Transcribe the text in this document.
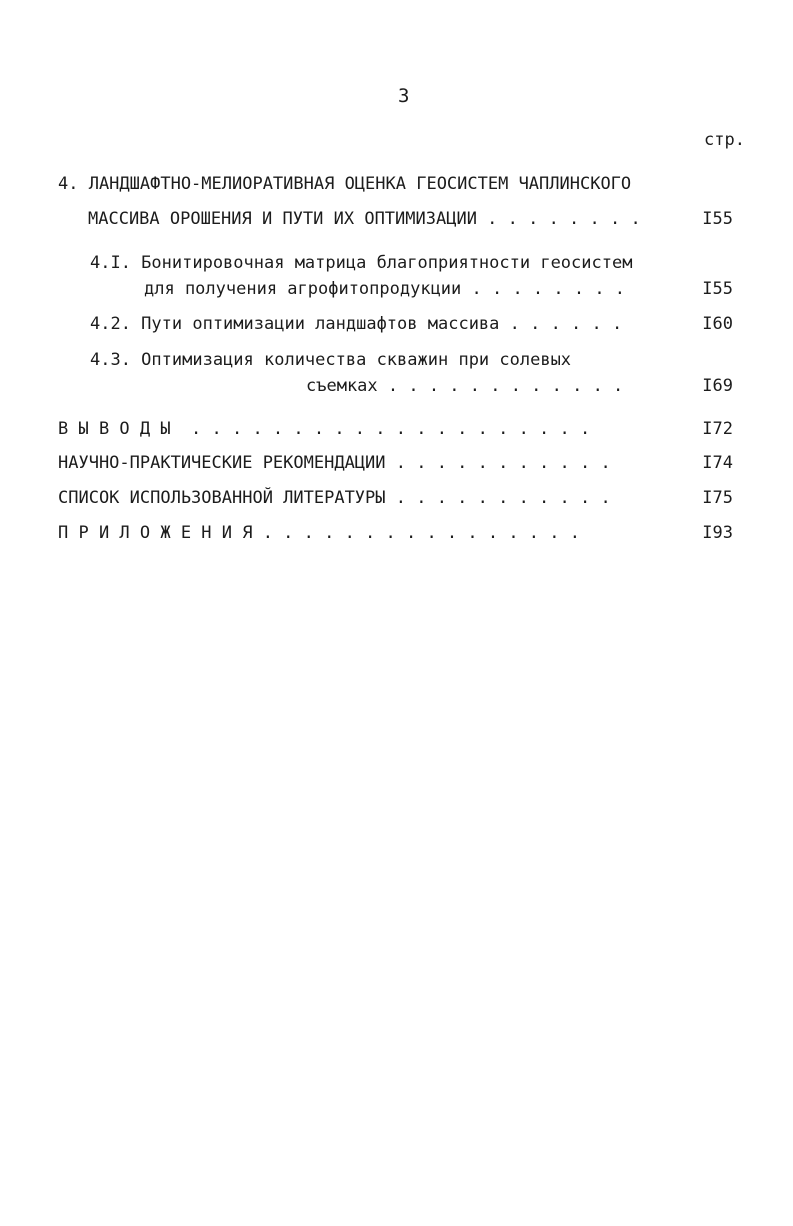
3
стр.
4. ЛАНДШАФТНО-МЕЛИОРАТИВНАЯ ОЦЕНКА ГЕОСИСТЕМ ЧАПЛИНСКОГО
МАССИВА ОРОШЕНИЯ И ПУТИ ИХ ОПТИМИЗАЦИИ . . . . . . . .	I55
4.I. Бонитировочная матрица благоприятности геосистем
для получения агрофитопродукции . . . . . . . .	I55
4.2. Пути оптимизации ландшафтов массива . . . . . .	I60
4.3. Оптимизация количества скважин при солевых
съемках . . . . . . . . . . . .	I69
В Ы В О Д Ы  . . . . . . . . . . . . . . . . . . . .	I72
НАУЧНО-ПРАКТИЧЕСКИЕ РЕКОМЕНДАЦИИ . . . . . . . . . . .	I74
СПИСОК ИСПОЛЬЗОВАННОЙ ЛИТЕРАТУРЫ . . . . . . . . . . .	I75
П Р И Л О Ж Е Н И Я . . . . . . . . . . . . . . . .	I93
